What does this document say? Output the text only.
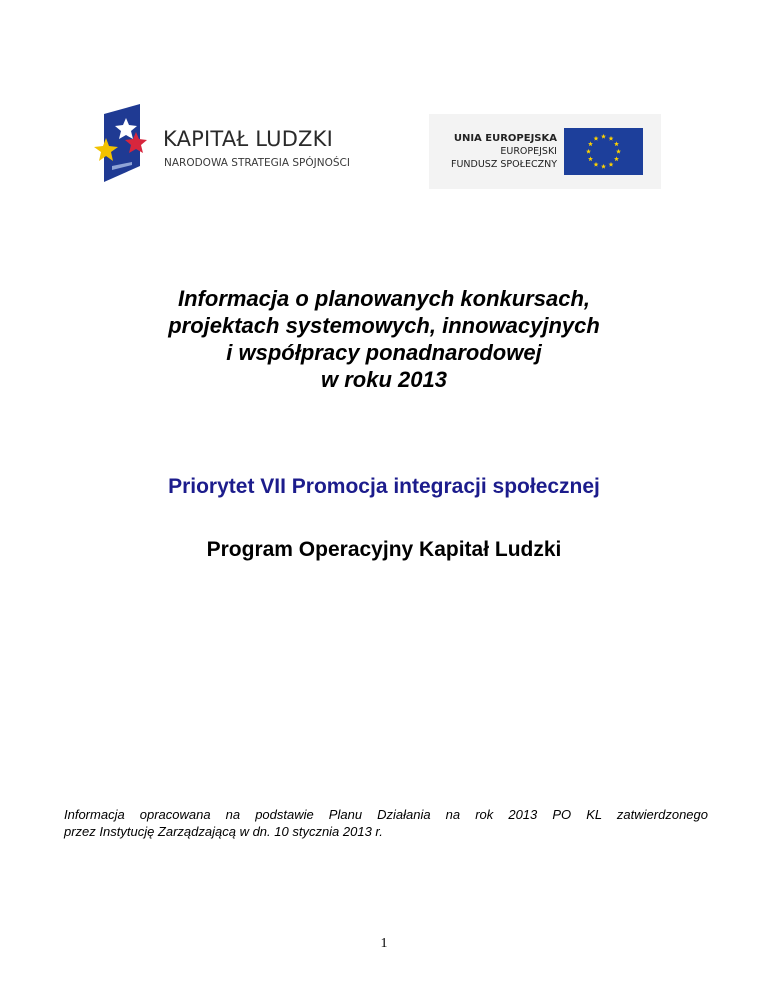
KAPITAŁ LUDZKI
NARODOWA STRATEGIA SPÓJNOŚCI
UNIA EUROPEJSKA
EUROPEJSKI
FUNDUSZ SPOŁECZNY
Informacja o planowanych konkursach,
projektach systemowych, innowacyjnych
i współpracy ponadnarodowej
w roku 2013
Priorytet VII Promocja integracji społecznej
Program Operacyjny Kapitał Ludzki
Informacja opracowana na podstawie Planu Działania na rok 2013 PO KL zatwierdzonego
przez Instytucję Zarządzającą w dn. 10 stycznia 2013 r.
1
